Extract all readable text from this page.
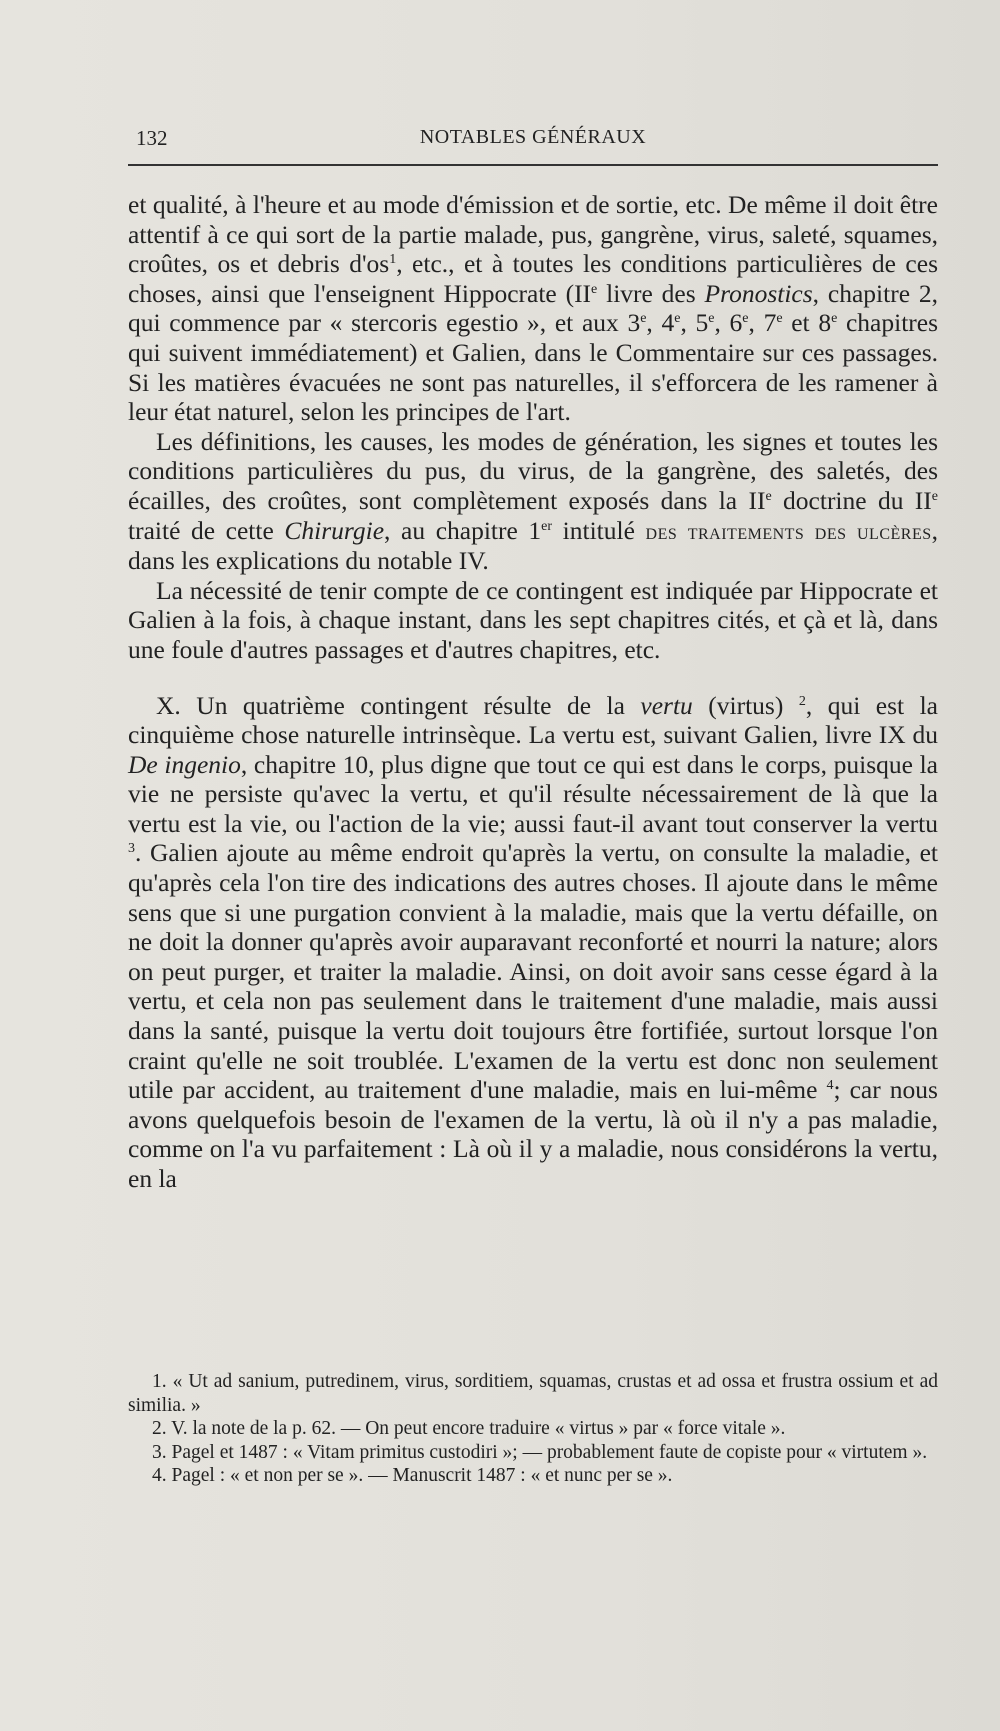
132	NOTABLES GÉNÉRAUX

et qualité, à l'heure et au mode d'émission et de sortie, etc. De même il doit être attentif à ce qui sort de la partie malade, pus, gangrène, virus, saleté, squames, croûtes, os et debris $d'os^1$, etc., et à toutes les conditions particulières de ces choses, ainsi que l'enseignent Hippocrate (IIe livre des Pronostics, chapitre 2, qui commence par « stercoris egestio », et aux 3e, 4e, 5e, 6e, 7e et 8e chapitres qui suivent immédiatement) et Galien, dans le Commentaire sur ces passages. Si les matières évacuées ne sont pas naturelles, il s'efforcera de les ramener à leur état naturel, selon les principes de l'art.

Les définitions, les causes, les modes de génération, les signes et toutes les conditions particulières du pus, du virus, de la gangrène, des saletés, des écailles, des croûtes, sont complètement exposés dans la IIe doctrine du IIe traité de cette Chirurgie, au chapitre 1er intitulé des traitements des ulcères, dans les explications du notable IV.

La nécessité de tenir compte de ce contingent est indiquée par Hippocrate et Galien à la fois, à chaque instant, dans les sept chapitres cités, et çà et là, dans une foule d'autres passages et d'autres chapitres, etc.

X. Un quatrième contingent résulte de la vertu (virtus) $^2$, qui est la cinquième chose naturelle intrinsèque. La vertu est, suivant Galien, livre IX du De ingenio, chapitre 10, plus digne que tout ce qui est dans le corps, puisque la vie ne persiste qu'avec la vertu, et qu'il résulte nécessairement de là que la vertu est la vie, ou l'action de la vie; aussi faut-il avant tout conserver la vertu $^3$. Galien ajoute au même endroit qu'après la vertu, on consulte la maladie, et qu'après cela l'on tire des indications des autres choses. Il ajoute dans le même sens que si une purgation convient à la maladie, mais que la vertu défaille, on ne doit la donner qu'après avoir auparavant reconforté et nourri la nature; alors on peut purger, et traiter la maladie. Ainsi, on doit avoir sans cesse égard à la vertu, et cela non pas seulement dans le traitement d'une maladie, mais aussi dans la santé, puisque la vertu doit toujours être fortifiée, surtout lorsque l'on craint qu'elle ne soit troublée. L'examen de la vertu est donc non seulement utile par accident, au traitement d'une maladie, mais en lui-même $^4$; car nous avons quelquefois besoin de l'examen de la vertu, là où il n'y a pas maladie, comme on l'a vu parfaitement : Là où il y a maladie, nous considérons la vertu, en la

1. « Ut ad sanium, putredinem, virus, sorditiem, squamas, crustas et ad ossa et frustra ossium et ad similia. »

2. V. la note de la p. 62. — On peut encore traduire « virtus » par « force vitale ».

3. Pagel et 1487 : « Vitam primitus custodiri »; — probablement faute de copiste pour « virtutem ».

4. Pagel : « et non per se ». — Manuscrit 1487 : « et nunc per se ».
